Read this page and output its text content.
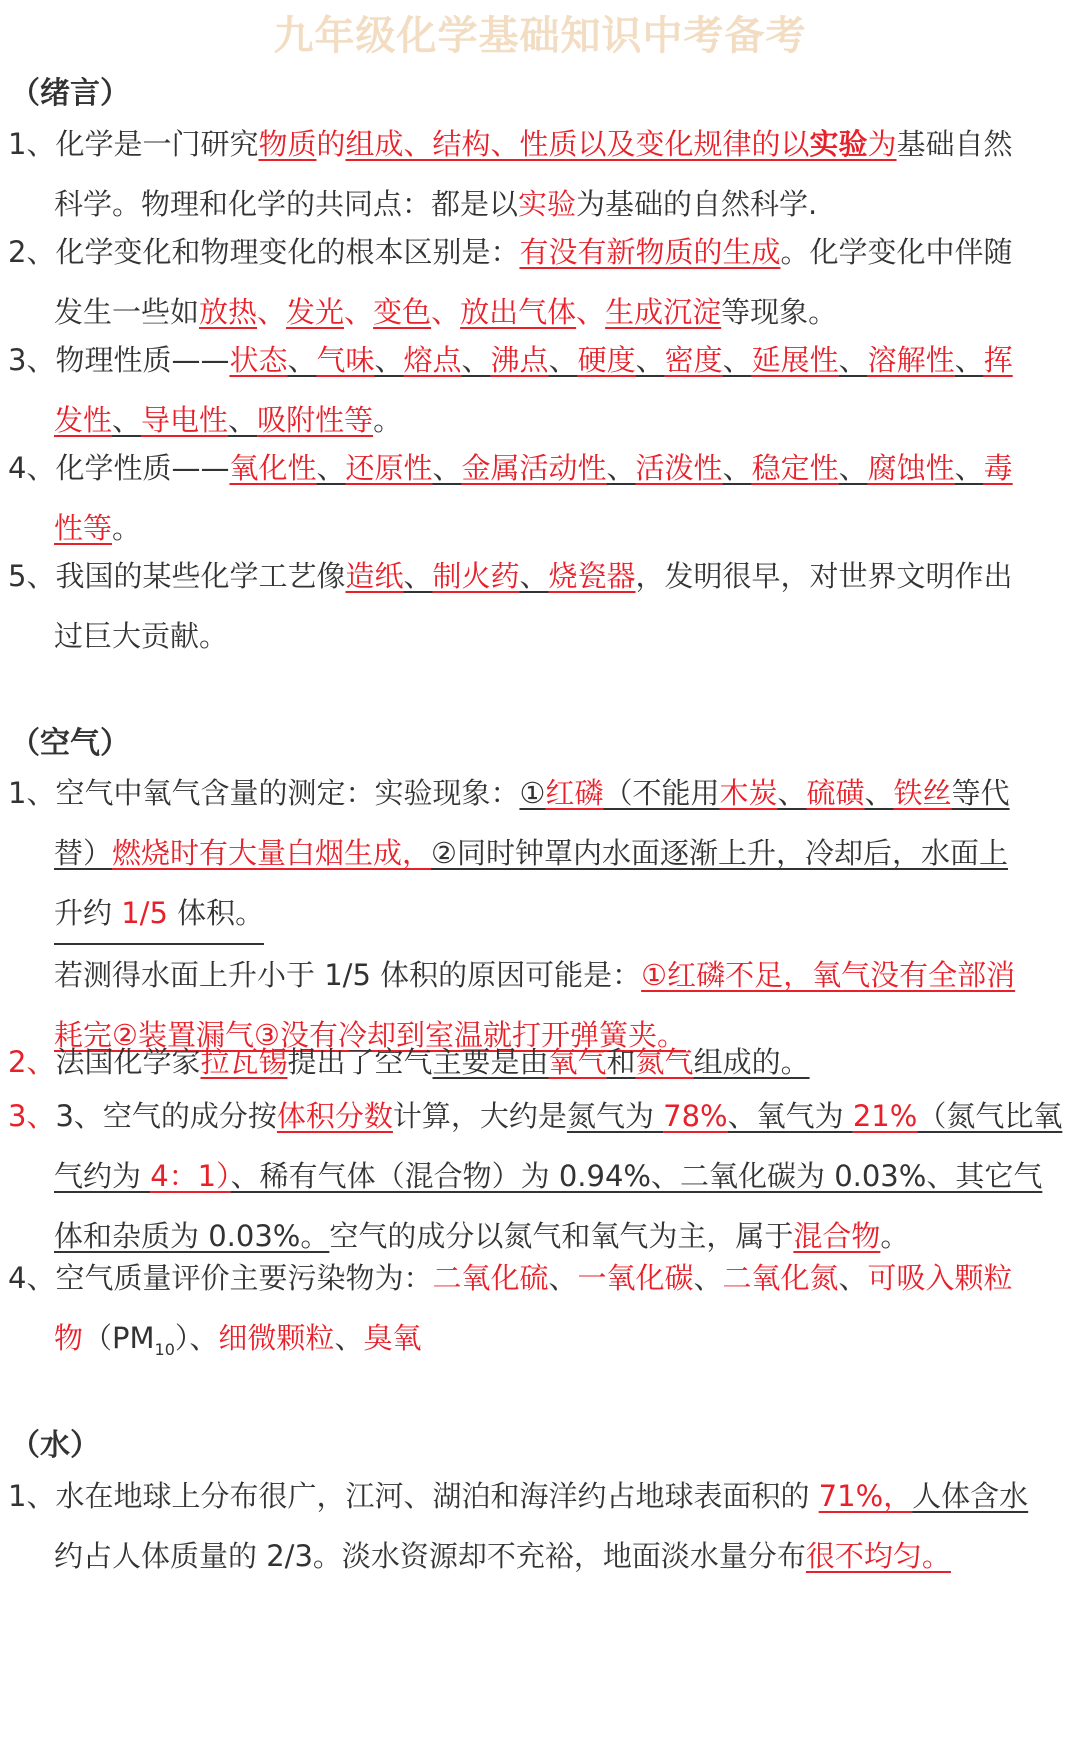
九年级化学基础知识中考备考
（绪言）
1、化学是一门研究物质的组成、结构、性质以及变化规律的以实验为基础自然
科学。物理和化学的共同点：都是以实验为基础的自然科学.
2、化学变化和物理变化的根本区别是：有没有新物质的生成。化学变化中伴随
发生一些如放热、发光、变色、放出气体、生成沉淀等现象。
3、物理性质——状态、气味、熔点、沸点、硬度、密度、延展性、溶解性、挥
发性、导电性、吸附性等。
4、化学性质——氧化性、还原性、金属活动性、活泼性、稳定性、腐蚀性、毒
性等。
5、我国的某些化学工艺像造纸、制火药、烧瓷器，发明很早，对世界文明作出
过巨大贡献。
（空气）
1、空气中氧气含量的测定：实验现象：①红磷（不能用木炭、硫磺、铁丝等代
替）燃烧时有大量白烟生成，②同时钟罩内水面逐渐上升，冷却后，水面上
升约 1/5 体积。
若测得水面上升小于 1/5 体积的原因可能是：①红磷不足，氧气没有全部消
耗完②装置漏气③没有冷却到室温就打开弹簧夹。
2、法国化学家拉瓦锡提出了空气主要是由氧气和氮气组成的。
3、3、空气的成分按体积分数计算，大约是氮气为 78%、氧气为 21%（氮气比氧
气约为 4：1）、稀有气体（混合物）为 0.94%、二氧化碳为 0.03%、其它气
体和杂质为 0.03%。空气的成分以氮气和氧气为主，属于混合物。
4、空气质量评价主要污染物为：二氧化硫、一氧化碳、二氧化氮、可吸入颗粒
物$(PM_{10})$、细微颗粒、臭氧
（水）
1、水在地球上分布很广，江河、湖泊和海洋约占地球表面积的 71%，人体含水
约占人体质量的 2/3。淡水资源却不充裕，地面淡水量分布很不均匀。
